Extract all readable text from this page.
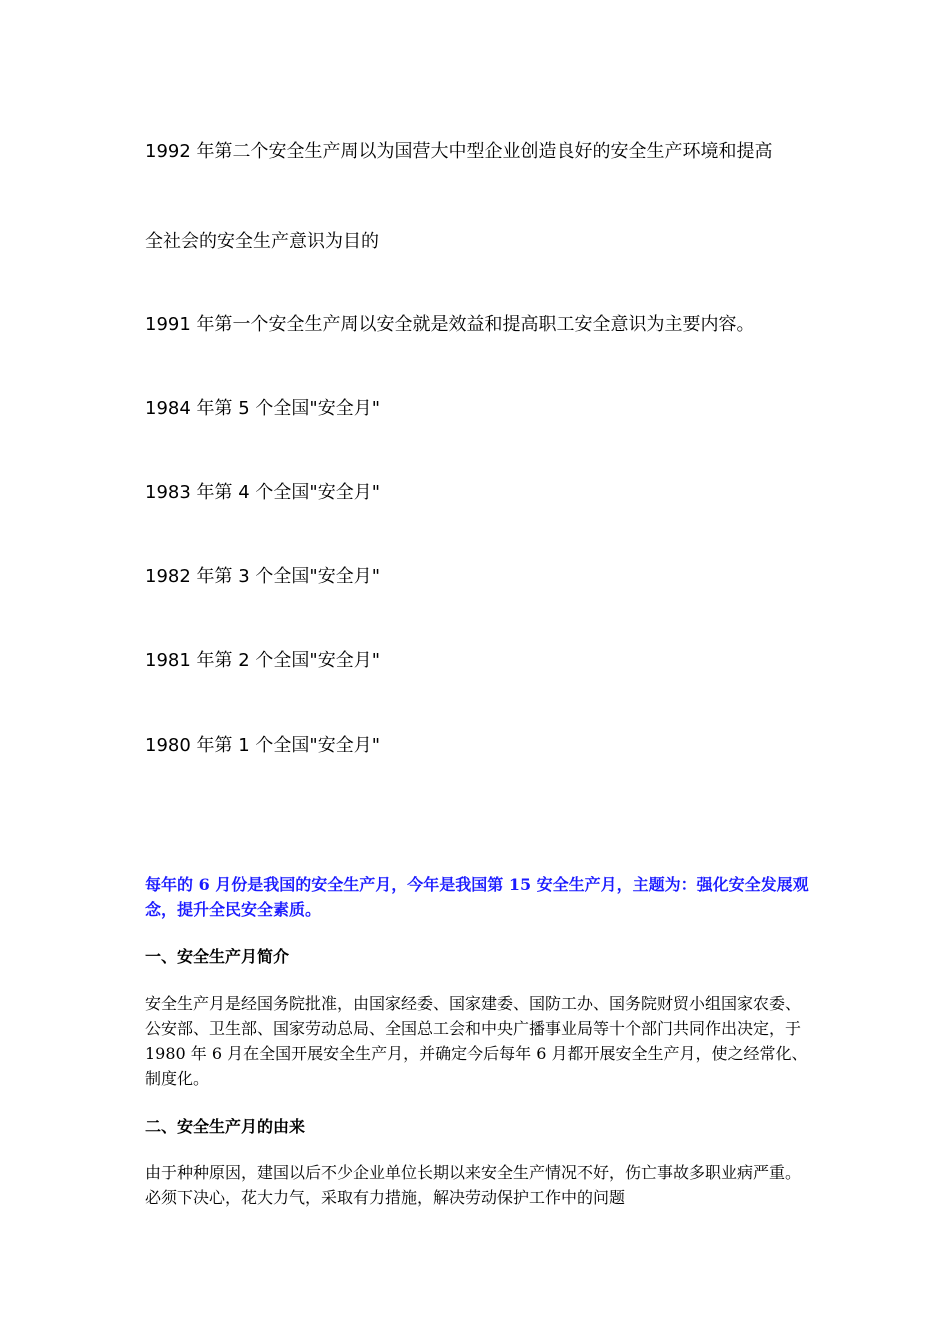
1992 年第二个安全生产周以为国营大中型企业创造良好的安全生产环境和提高
全社会的安全生产意识为目的
1991 年第一个安全生产周以安全就是效益和提高职工安全意识为主要内容。
1984 年第 5 个全国"安全月"
1983 年第 4 个全国"安全月"
1982 年第 3 个全国"安全月"
1981 年第 2 个全国"安全月"
1980 年第 1 个全国"安全月"
每年的 6 月份是我国的安全生产月，今年是我国第 15 安全生产月，主题为：强化安全发展观念，提升全民安全素质。
一、安全生产月简介
安全生产月是经国务院批准，由国家经委、国家建委、国防工办、国务院财贸小组国家农委、公安部、卫生部、国家劳动总局、全国总工会和中央广播事业局等十个部门共同作出决定，于 1980 年 6 月在全国开展安全生产月，并确定今后每年 6 月都开展安全生产月，使之经常化、制度化。
二、安全生产月的由来
由于种种原因，建国以后不少企业单位长期以来安全生产情况不好，伤亡事故多职业病严重。必须下决心，花大力气，采取有力措施，解决劳动保护工作中的问题
